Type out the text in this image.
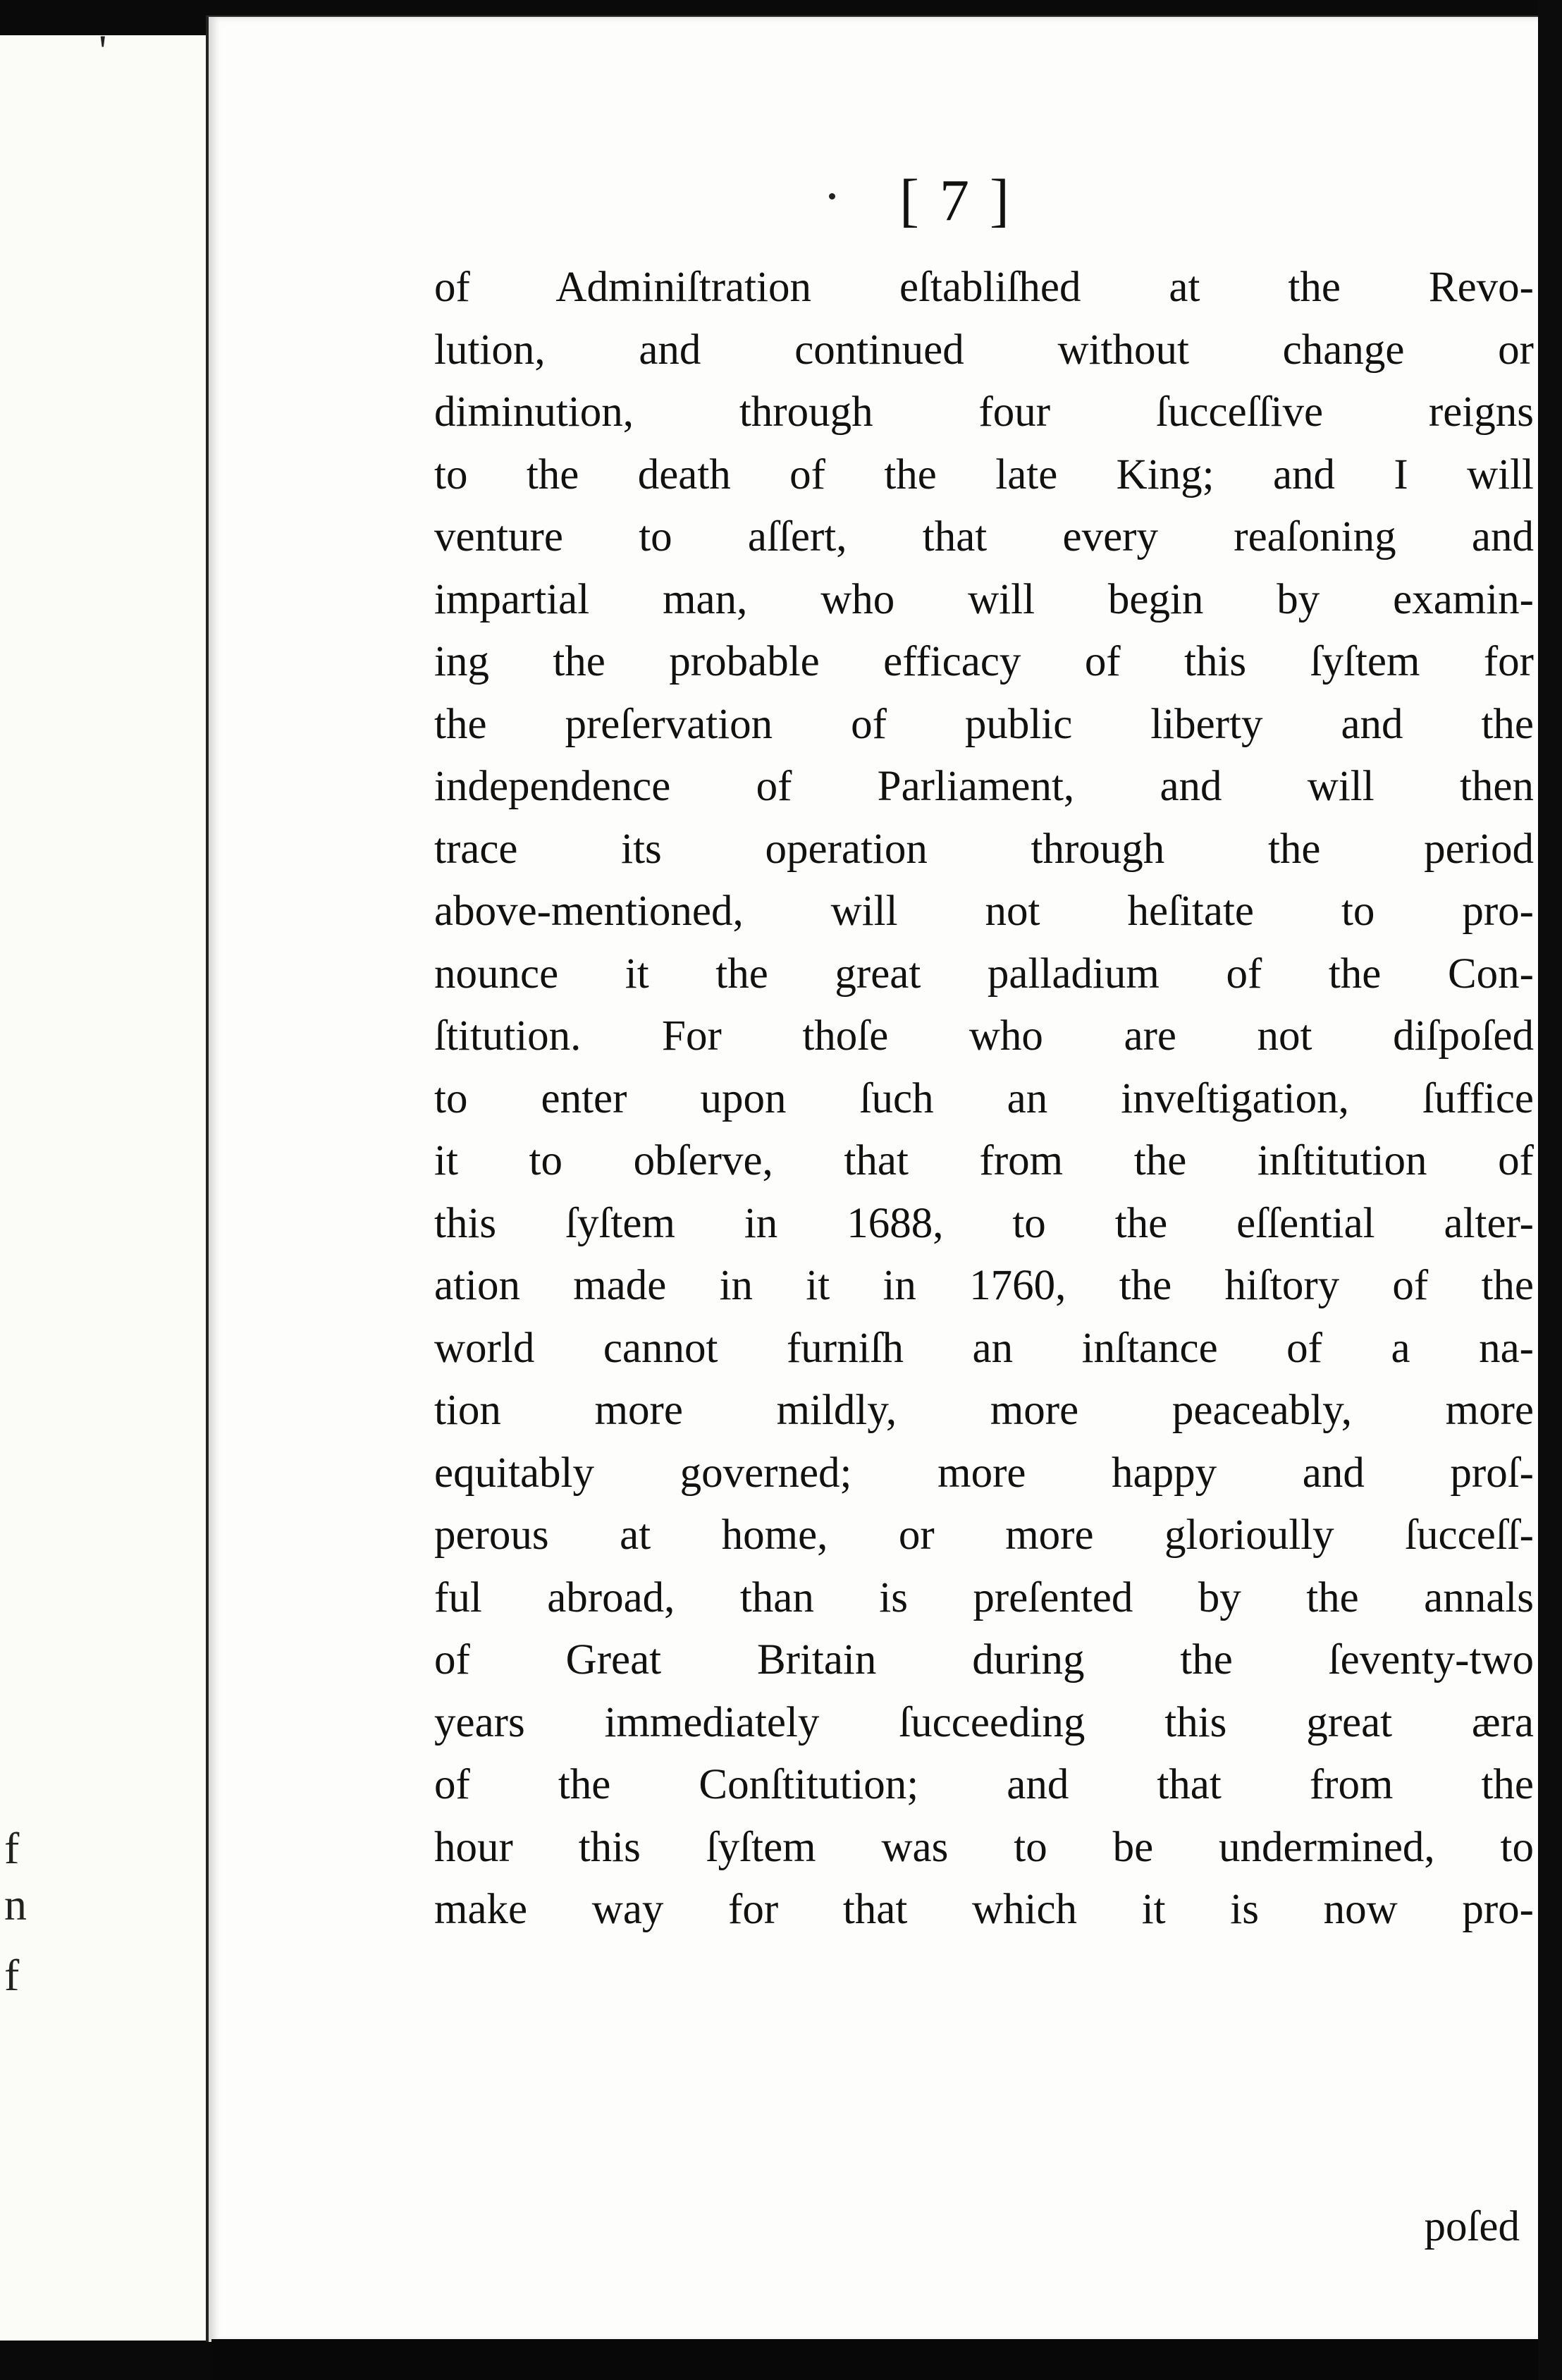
'
f
n
f
[ 7 ]
of Adminiſtration eſtabliſhed at the Revo-
lution, and continued without change or
diminution, through four ſucceſſive reigns
to the death of the late King; and I will
venture to aſſert, that every reaſoning and
impartial man, who will begin by examin-
ing the probable efficacy of this ſyſtem for
the preſervation of public liberty and the
independence of Parliament, and will then
trace its operation through the period
above-mentioned, will not heſitate to pro-
nounce it the great palladium of the Con-
ſtitution. For thoſe who are not diſpoſed
to enter upon ſuch an inveſtigation, ſuffice
it to obſerve, that from the inſtitution of
this ſyſtem in 1688, to the eſſential alter-
ation made in it in 1760, the hiſtory of the
world cannot furniſh an inſtance of a na-
tion more mildly, more peaceably, more
equitably governed; more happy and proſ-
perous at home, or more glorioully ſucceſſ-
ful abroad, than is preſented by the annals
of Great Britain during the ſeventy-two
years immediately ſucceeding this great æra
of the Conſtitution; and that from the
hour this ſyſtem was to be undermined, to
make way for that which it is now pro-
poſed
